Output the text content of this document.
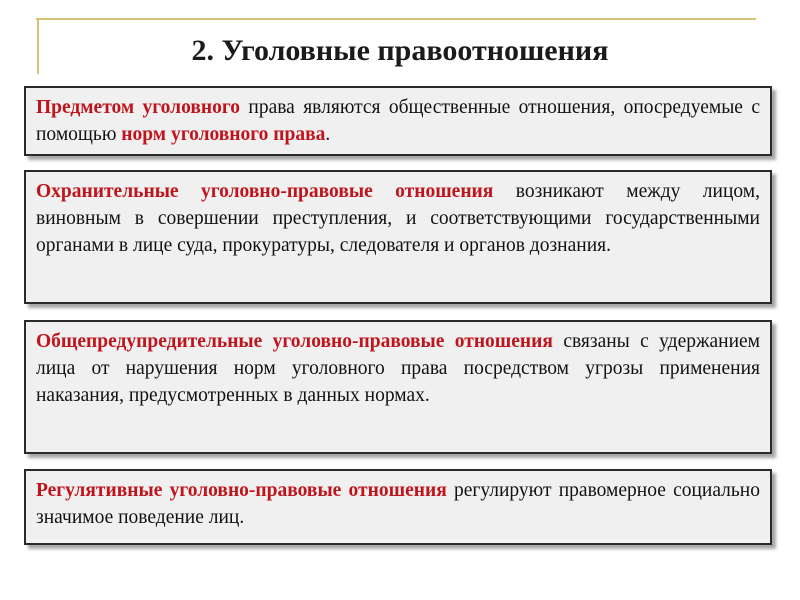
2. Уголовные правоотношения

Предметом уголовного права являются общественные отношения, опосредуемые с помощью норм уголовного права.

Охранительные уголовно-правовые отношения возникают между лицом, виновным в совершении преступления, и соответствующими государственными органами в лице суда, прокуратуры, следователя и органов дознания.

Общепредупредительные уголовно-правовые отношения связаны с удержанием лица от нарушения норм уголовного права посредством угрозы применения наказания, предусмотренных в данных нормах.

Регулятивные уголовно-правовые отношения регулируют правомерное социально значимое поведение лиц.
